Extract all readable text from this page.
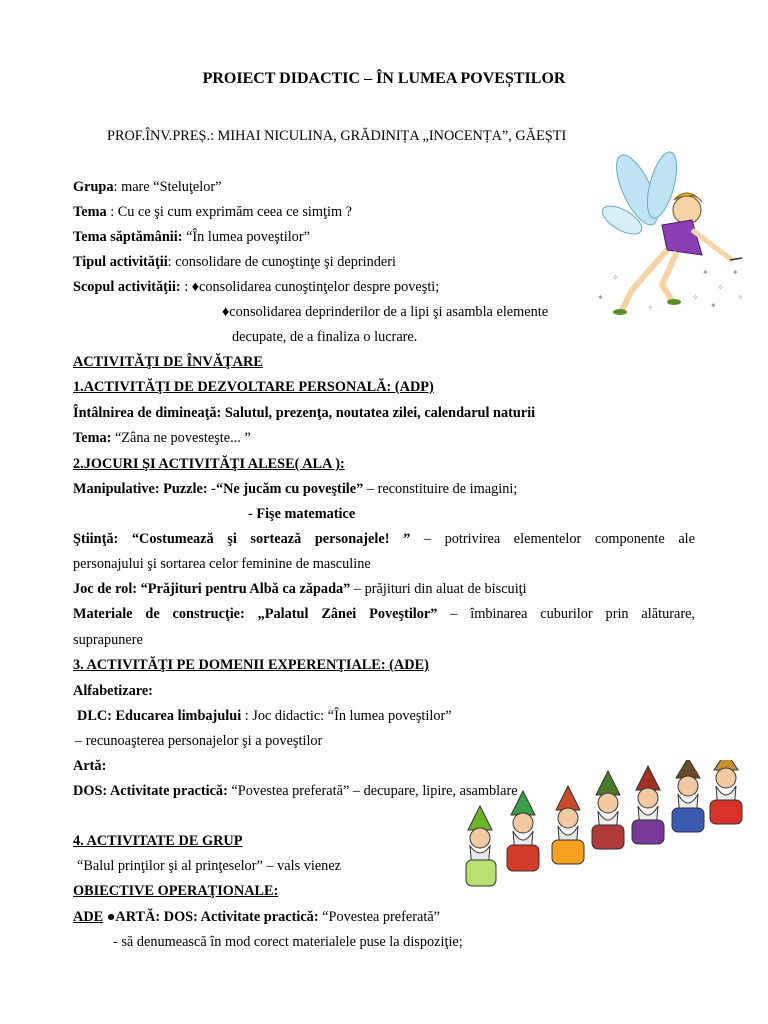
PROIECT DIDACTIC – ÎN LUMEA POVEȘTILOR
PROF.ÎNV.PREȘ.: MIHAI NICULINA, GRĂDINIȚA „INOCENȚA”, GĂEȘTI
✦
✧
✦
✧
✦
✧
✧
✦
✧
Grupa: mare “Steluţelor”
Tema : Cu ce şi cum exprimăm ceea ce simţim ?
Tema săptămânii: “În lumea poveştilor”
Tipul activităţii: consolidare de cunoştinţe şi deprinderi
Scopul activităţii: : ♦consolidarea cunoştinţelor despre poveşti;
♦consolidarea deprinderilor de a lipi şi asambla elemente
decupate, de a finaliza o lucrare.
ACTIVITĂŢI DE ÎNVĂŢARE
1.ACTIVITĂŢI DE DEZVOLTARE PERSONALĂ: (ADP)
Întâlnirea de dimineaţă: Salutul, prezenţa, noutatea zilei, calendarul naturii
Tema: “Zâna ne povesteşte... ”
2.JOCURI ŞI ACTIVITĂŢI ALESE( ALA ):
Manipulative: Puzzle: -“Ne jucăm cu poveştile” – reconstituire de imagini;
- Fişe matematice
Ştiinţă: “Costumează şi sortează personajele! ” – potrivirea elementelor componente ale
personajului şi sortarea celor feminine de masculine
Joc de rol: “Prăjituri pentru Albă ca zăpada” – prăjituri din aluat de biscuiţi
Materiale de construcţie: „Palatul Zânei Poveştilor” – îmbinarea cuburilor prin alăturare,
suprapunere
3. ACTIVITĂŢI PE DOMENII EXPERENŢIALE: (ADE)
Alfabetizare:
DLC: Educarea limbajului : Joc didactic: “În lumea poveştilor”
– recunoaşterea personajelor şi a poveştilor
Artă:
DOS: Activitate practică: “Povestea preferată” – decupare, lipire, asamblare
4. ACTIVITATE DE GRUP
“Balul prinţilor şi al prinţeselor” – vals vienez
OBIECTIVE OPERAŢIONALE:
ADE ●ARTĂ: DOS: Activitate practică: “Povestea preferată”
- să denumească în mod corect materialele puse la dispoziţie;
